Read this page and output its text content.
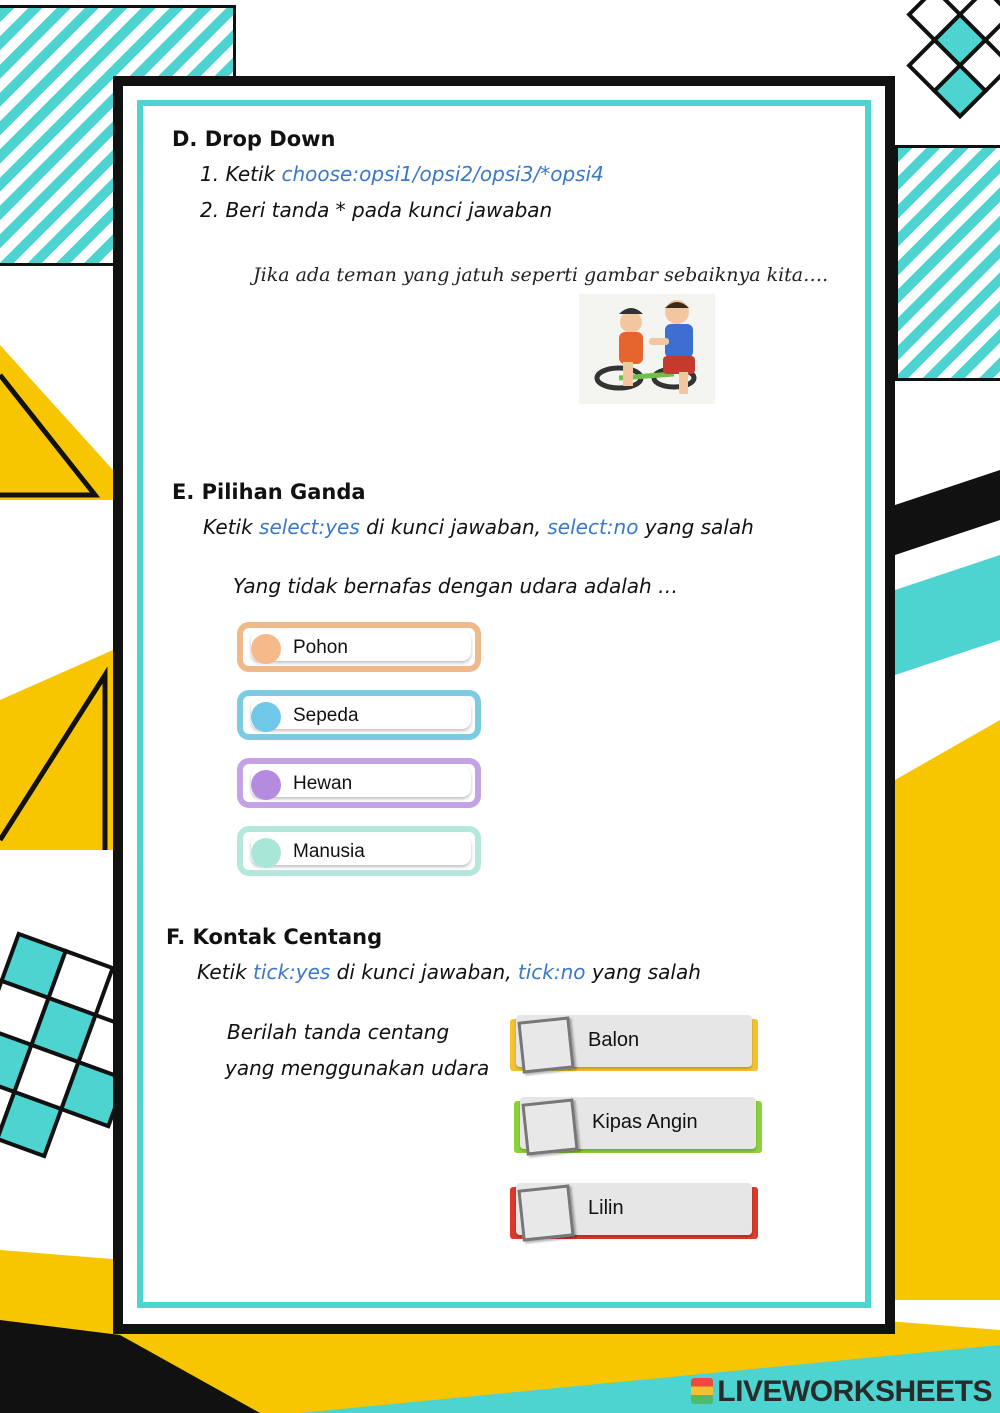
D. Drop Down
1. Ketik choose:opsi1/opsi2/opsi3/*opsi4
2. Beri tanda * pada kunci jawaban
Jika ada teman yang jatuh seperti gambar sebaiknya kita….
E. Pilihan Ganda
Ketik select:yes di kunci jawaban, select:no yang salah
Yang tidak bernafas dengan udara adalah …
Pohon
Sepeda
Hewan
Manusia
F. Kontak Centang
Ketik tick:yes di kunci jawaban, tick:no yang salah
Berilah tanda centang
yang menggunakan udara
Balon
Kipas Angin
Lilin
LIVEWORKSHEETS
